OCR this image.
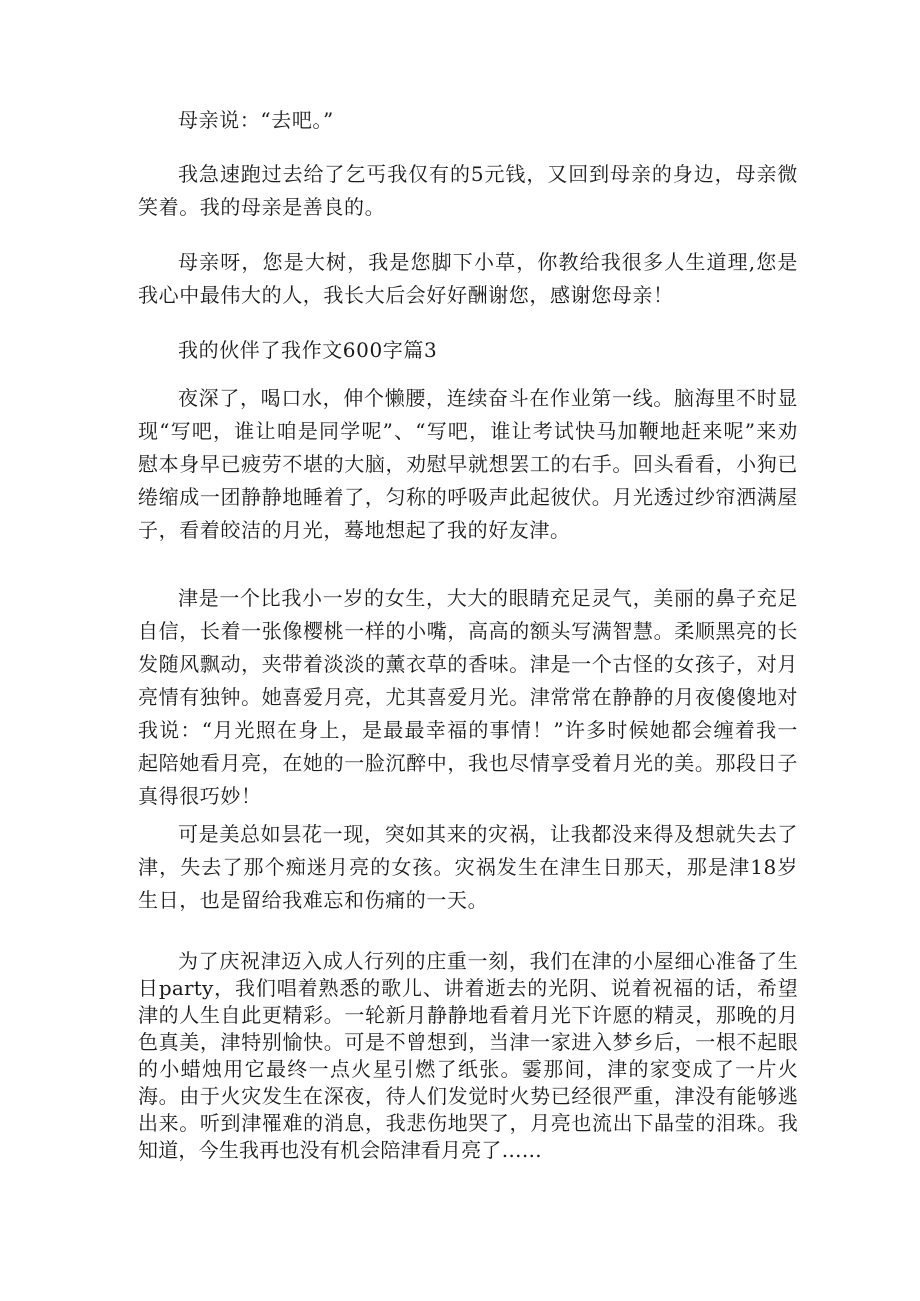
母亲说：“去吧。”

我急速跑过去给了乞丐我仅有的5元钱，又回到母亲的身边，母亲微笑着。我的母亲是善良的。

母亲呀，您是大树，我是您脚下小草，你教给我很多人生道理,您是我心中最伟大的人，我长大后会好好酬谢您，感谢您母亲！

我的伙伴了我作文600字篇3

夜深了，喝口水，伸个懒腰，连续奋斗在作业第一线。脑海里不时显现“写吧，谁让咱是同学呢”、“写吧，谁让考试快马加鞭地赶来呢”来劝慰本身早已疲劳不堪的大脑，劝慰早就想罢工的右手。回头看看，小狗已绻缩成一团静静地睡着了，匀称的呼吸声此起彼伏。月光透过纱帘洒满屋子，看着皎洁的月光，蓦地想起了我的好友津。

津是一个比我小一岁的女生，大大的眼睛充足灵气，美丽的鼻子充足自信，长着一张像樱桃一样的小嘴，高高的额头写满智慧。柔顺黑亮的长发随风飘动，夹带着淡淡的薰衣草的香味。津是一个古怪的女孩子，对月亮情有独钟。她喜爱月亮，尤其喜爱月光。津常常在静静的月夜傻傻地对我说：“月光照在身上，是最最幸福的事情！”许多时候她都会缠着我一起陪她看月亮，在她的一脸沉醉中，我也尽情享受着月光的美。那段日子真得很巧妙！

可是美总如昙花一现，突如其来的灾祸，让我都没来得及想就失去了津，失去了那个痴迷月亮的女孩。灾祸发生在津生日那天，那是津18岁生日，也是留给我难忘和伤痛的一天。

为了庆祝津迈入成人行列的庄重一刻，我们在津的小屋细心准备了生日party，我们唱着熟悉的歌儿、讲着逝去的光阴、说着祝福的话，希望津的人生自此更精彩。一轮新月静静地看着月光下许愿的精灵，那晚的月色真美，津特别愉快。可是不曾想到，当津一家进入梦乡后，一根不起眼的小蜡烛用它最终一点火星引燃了纸张。霎那间，津的家变成了一片火海。由于火灾发生在深夜，待人们发觉时火势已经很严重，津没有能够逃出来。听到津罹难的消息，我悲伤地哭了，月亮也流出下晶莹的泪珠。我知道，今生我再也没有机会陪津看月亮了……
